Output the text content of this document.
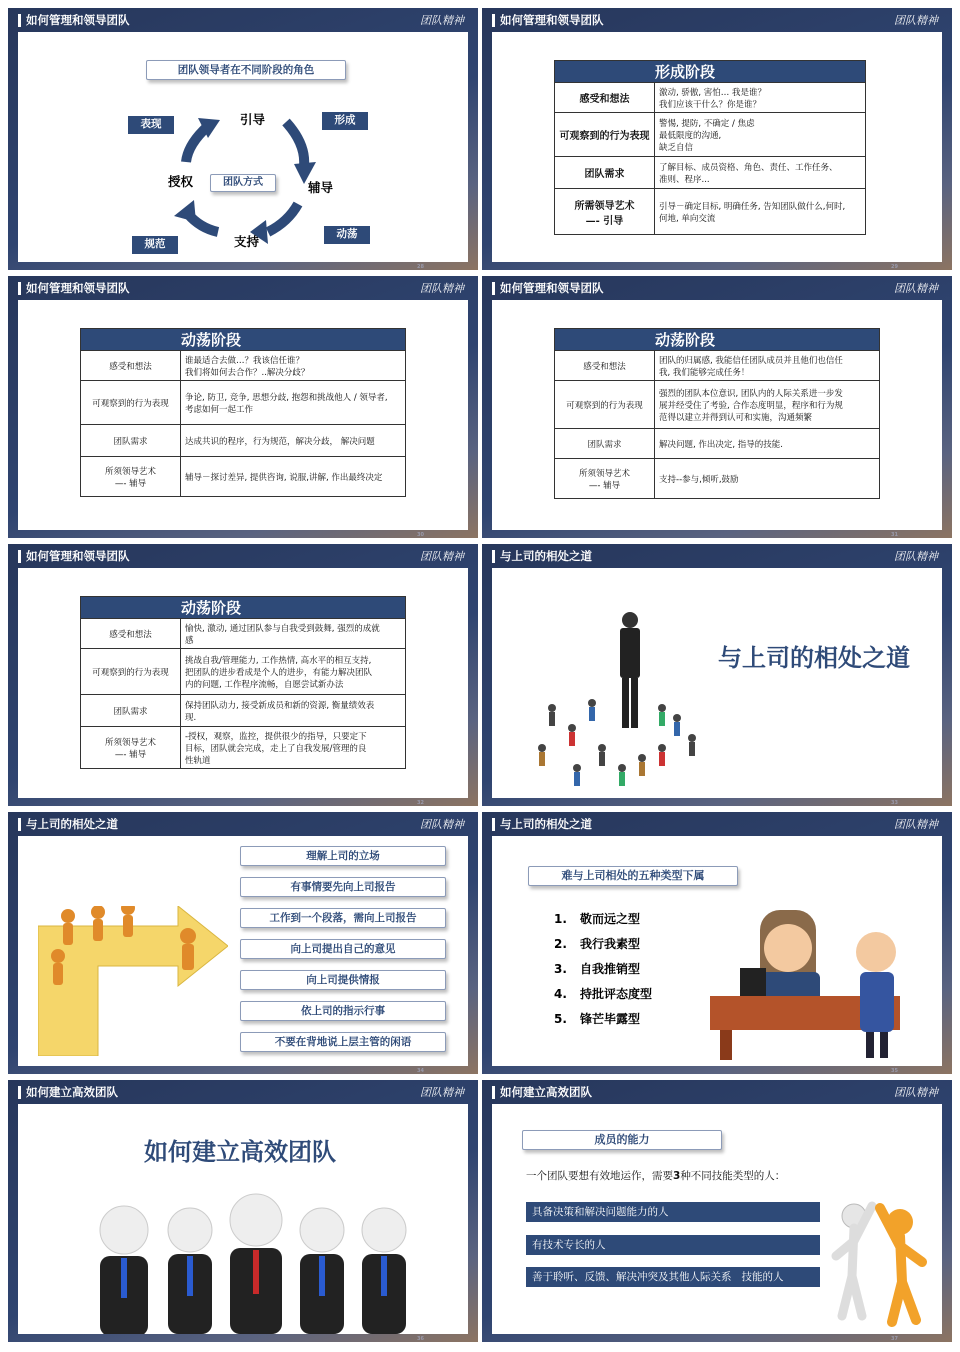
如何管理和领导团队	团队精神
团队领导者在不同阶段的角色
引导
辅导
支持
授权	团队方式
表现	形成
动荡
规范
28
如何管理和领导团队	团队精神
形成阶段	
感受和想法	激动, 骄傲, 害怕… 我是谁？
我们应该干什么？你是谁？
可观察到的行为表现	警惕, 提防, 不确定 / 焦虑
最低限度的沟通,
缺乏自信
团队需求	了解目标、成员资格、角色、责任、工作任务、
准则、程序...
所需领导艺术
—- 引导	引导－确定目标, 明确任务, 告知团队做什么,何时,
何地, 单向交流
29
如何管理和领导团队	团队精神
动荡阶段	
感受和想法	谁最适合去做…？我该信任谁？
我们将如何去合作？..解决分歧？
可观察到的行为表现	争论, 防卫, 竞争, 思想分歧, 抱怨和挑战他人 / 领导者,
考虑如何一起工作
团队需求	达成共识的程序，行为规范，解决分歧， 解决问题
所须领导艺术
—- 辅导	辅导－探讨差异, 提供咨询, 说服,讲解, 作出最终决定
30
如何管理和领导团队	团队精神
动荡阶段	
感受和想法	团队的归属感, 我能信任团队成员并且他们也信任
我, 我们能够完成任务！
可观察到的行为表现	强烈的团队本位意识, 团队内的人际关系进一步发
展并经受住了考验, 合作态度明显，程序和行为规
范得以建立并得到认可和实施，沟通频繁
团队需求	解决问题, 作出决定, 指导的技能.
所须领导艺术
—- 辅导	支持--参与,倾听,鼓励
31
如何管理和领导团队	团队精神
动荡阶段	
感受和想法	愉快, 激动, 通过团队参与自我受到鼓舞, 强烈的成就
感
可观察到的行为表现	挑战自我/管理能力, 工作热情, 高水平的相互支持,
把团队的进步看成是个人的进步，有能力解决团队
内的问题, 工作程序流畅，自愿尝试新办法
团队需求	保持团队动力, 接受新成员和新的资源, 衡量绩效表
现.
所须领导艺术
—- 辅导	-授权，观察，监控，提供很少的指导，只要定下
目标，团队就会完成，走上了自我发展/管理的良
性轨道
32
与上司的相处之道	团队精神
与上司的相处之道
33
与上司的相处之道	团队精神
理解上司的立场
有事情要先向上司报告
工作到一个段落，需向上司报告
向上司提出自己的意见
向上司提供情报
依上司的指示行事
不要在背地说上层主管的闲语
34
与上司的相处之道	团队精神
难与上司相处的五种类型下属
1. 敬而远之型
2. 我行我素型
3. 自我推销型
4. 持批评态度型
5. 锋芒毕露型
35
如何建立高效团队	团队精神
如何建立高效团队
36
如何建立高效团队	团队精神
成员的能力
一个团队要想有效地运作，需要3种不同技能类型的人：
具备决策和解决问题能力的人
有技术专长的人
善于聆听、反馈、解决冲突及其他人际关系   技能的人
37
